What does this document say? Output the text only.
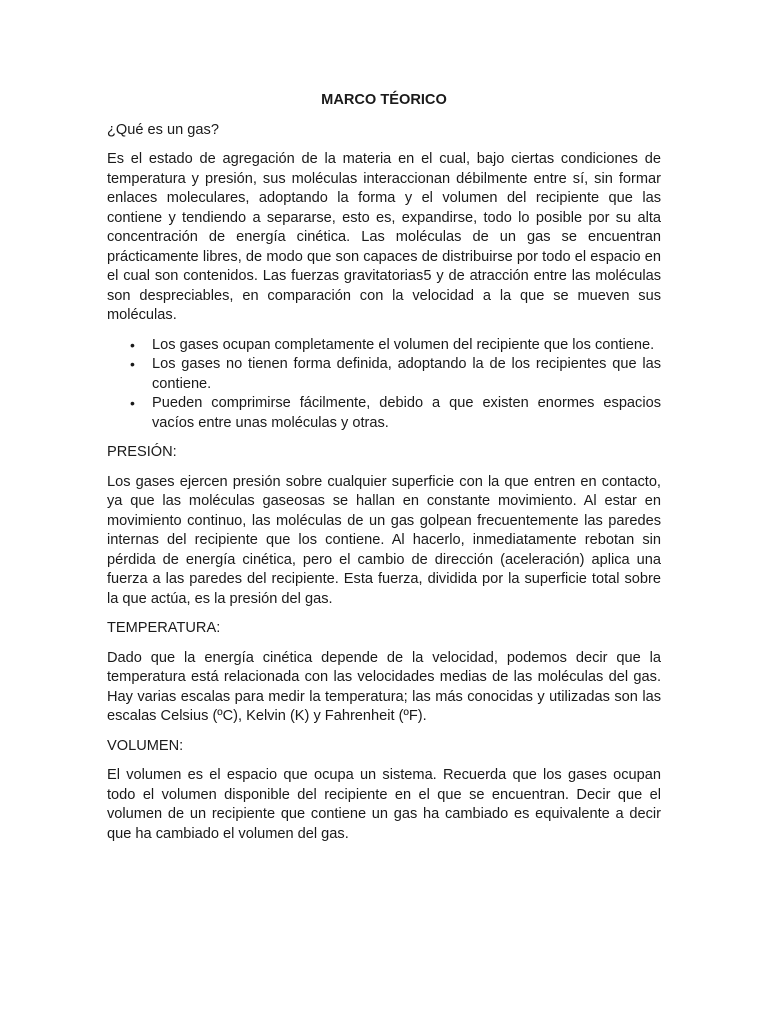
MARCO TÉORICO

¿Qué es un gas?

Es el estado de agregación de la materia en el cual, bajo ciertas condiciones de temperatura y presión, sus moléculas interaccionan débilmente entre sí, sin formar enlaces moleculares, adoptando la forma y el volumen del recipiente que las contiene y tendiendo a separarse, esto es, expandirse, todo lo posible por su alta concentración de energía cinética. Las moléculas de un gas se encuentran prácticamente libres, de modo que son capaces de distribuirse por todo el espacio en el cual son contenidos. Las fuerzas gravitatorias5 y de atracción entre las moléculas son despreciables, en comparación con la velocidad a la que se mueven sus moléculas.

• Los gases ocupan completamente el volumen del recipiente que los contiene.
• Los gases no tienen forma definida, adoptando la de los recipientes que las contiene.
• Pueden comprimirse fácilmente, debido a que existen enormes espacios vacíos entre unas moléculas y otras.

PRESIÓN:

Los gases ejercen presión sobre cualquier superficie con la que entren en contacto, ya que las moléculas gaseosas se hallan en constante movimiento. Al estar en movimiento continuo, las moléculas de un gas golpean frecuentemente las paredes internas del recipiente que los contiene. Al hacerlo, inmediatamente rebotan sin pérdida de energía cinética, pero el cambio de dirección (aceleración) aplica una fuerza a las paredes del recipiente. Esta fuerza, dividida por la superficie total sobre la que actúa, es la presión del gas.

TEMPERATURA:

Dado que la energía cinética depende de la velocidad, podemos decir que la temperatura está relacionada con las velocidades medias de las moléculas del gas. Hay varias escalas para medir la temperatura; las más conocidas y utilizadas son las escalas Celsius (ºC), Kelvin (K) y Fahrenheit (ºF).

VOLUMEN:

El volumen es el espacio que ocupa un sistema. Recuerda que los gases ocupan todo el volumen disponible del recipiente en el que se encuentran. Decir que el volumen de un recipiente que contiene un gas ha cambiado es equivalente a decir que ha cambiado el volumen del gas.
